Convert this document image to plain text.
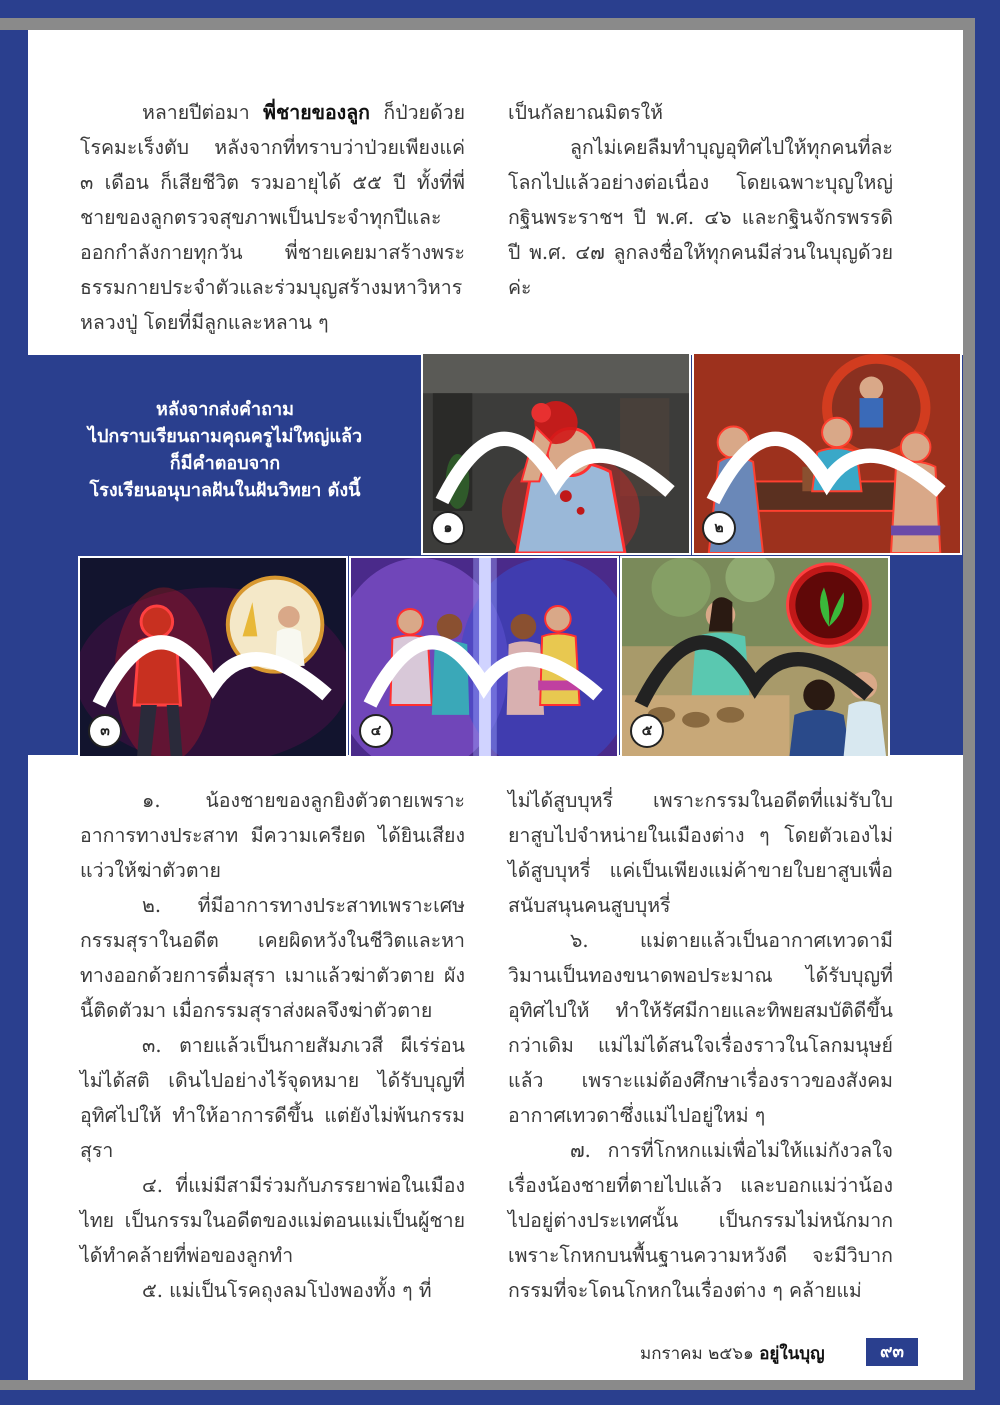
หลายปีต่อมา พี่ชายของลูก ก็ป่วยด้วยโรคมะเร็งตับ หลังจากที่ทราบว่าป่วยเพียงแค่ ๓ เดือน ก็เสียชีวิต รวมอายุได้ ๕๕ ปี ทั้งที่พี่ชายของลูกตรวจสุขภาพเป็นประจำทุกปีและออกกำลังกายทุกวัน พี่ชายเคยมาสร้างพระธรรมกายประจำตัวและร่วมบุญสร้างมหาวิหารหลวงปู่ โดยที่มีลูกและหลาน ๆ

เป็นกัลยาณมิตรให้

ลูกไม่เคยลืมทำบุญอุทิศไปให้ทุกคนที่ละโลกไปแล้วอย่างต่อเนื่อง โดยเฉพาะบุญใหญ่กฐินพระราชฯ ปี พ.ศ. ๔๖ และกฐินจักรพรรดิ ปี พ.ศ. ๔๗ ลูกลงชื่อให้ทุกคนมีส่วนในบุญด้วยค่ะ

หลังจากส่งคำถาม
ไปกราบเรียนถามคุณครูไม่ใหญ่แล้ว
ก็มีคำตอบจาก
โรงเรียนอนุบาลฝันในฝันวิทยา ดังนี้
๑	๒
๓	๔	๕

๑. น้องชายของลูกยิงตัวตายเพราะอาการทางประสาท มีความเครียด ได้ยินเสียงแว่วให้ฆ่าตัวตาย

๒. ที่มีอาการทางประสาทเพราะเศษกรรมสุราในอดีต เคยผิดหวังในชีวิตและหาทางออกด้วยการดื่มสุรา เมาแล้วฆ่าตัวตาย ผังนี้ติดตัวมา เมื่อกรรมสุราส่งผลจึงฆ่าตัวตาย

๓. ตายแล้วเป็นกายสัมภเวสี ผีเร่ร่อน ไม่ได้สติ เดินไปอย่างไร้จุดหมาย ได้รับบุญที่อุทิศไปให้ ทำให้อาการดีขึ้น แต่ยังไม่พ้นกรรมสุรา

๔. ที่แม่มีสามีร่วมกับภรรยาพ่อในเมืองไทย เป็นกรรมในอดีตของแม่ตอนแม่เป็นผู้ชาย ได้ทำคล้ายที่พ่อของลูกทำ

๕. แม่เป็นโรคถุงลมโป่งพองทั้ง ๆ ที่

ไม่ได้สูบบุหรี่ เพราะกรรมในอดีตที่แม่รับใบยาสูบไปจำหน่ายในเมืองต่าง ๆ โดยตัวเองไม่ได้สูบบุหรี่ แค่เป็นเพียงแม่ค้าขายใบยาสูบเพื่อสนับสนุนคนสูบบุหรี่

๖. แม่ตายแล้วเป็นอากาศเทวดามีวิมานเป็นทองขนาดพอประมาณ ได้รับบุญที่อุทิศไปให้ ทำให้รัศมีกายและทิพยสมบัติดีขึ้นกว่าเดิม แม่ไม่ได้สนใจเรื่องราวในโลกมนุษย์แล้ว เพราะแม่ต้องศึกษาเรื่องราวของสังคมอากาศเทวดาซึ่งแม่ไปอยู่ใหม่ ๆ

๗. การที่โกหกแม่เพื่อไม่ให้แม่กังวลใจเรื่องน้องชายที่ตายไปแล้ว และบอกแม่ว่าน้องไปอยู่ต่างประเทศนั้น เป็นกรรมไม่หนักมากเพราะโกหกบนพื้นฐานความหวังดี จะมีวิบากกรรมที่จะโดนโกหกในเรื่องต่าง ๆ คล้ายแม่

มกราคม ๒๕๖๑ อยู่ในบุญ	๙๓
